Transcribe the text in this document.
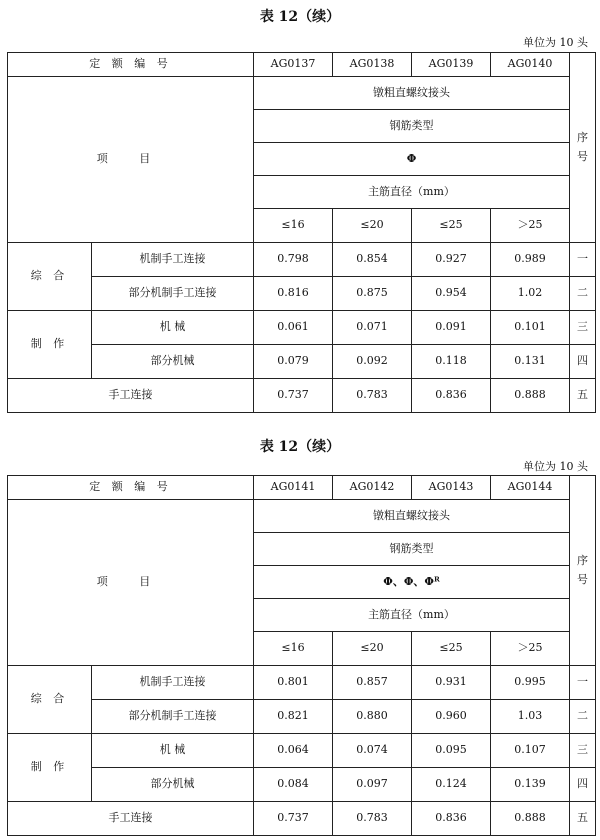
表 12（续）
单位为 10 头
定 额 编 号		AG0137	AG0138	AG0139	AG0140	序号

项 目		镦粗直螺纹接头				
		钢筋类型				
		Φ				
		主筋直径（mm）				
		≤16	≤20	≤25	＞25	
综 合	机制手工连接	0.798	0.854	0.927	0.989	一
	部分机制手工连接	0.816	0.875	0.954	1.02	二
制 作	机 械	0.061	0.071	0.091	0.101	三
	部分机械	0.079	0.092	0.118	0.131	四
手工连接		0.737	0.783	0.836	0.888	五
表 12（续）
单位为 10 头
定 额 编 号		AG0141	AG0142	AG0143	AG0144	序号

项 目		镦粗直螺纹接头				
		钢筋类型				
		Φ、Φ、Φᴿ				
		主筋直径（mm）				
		≤16	≤20	≤25	＞25	
综 合	机制手工连接	0.801	0.857	0.931	0.995	一
	部分机制手工连接	0.821	0.880	0.960	1.03	二
制 作	机 械	0.064	0.074	0.095	0.107	三
	部分机械	0.084	0.097	0.124	0.139	四
手工连接		0.737	0.783	0.836	0.888	五
